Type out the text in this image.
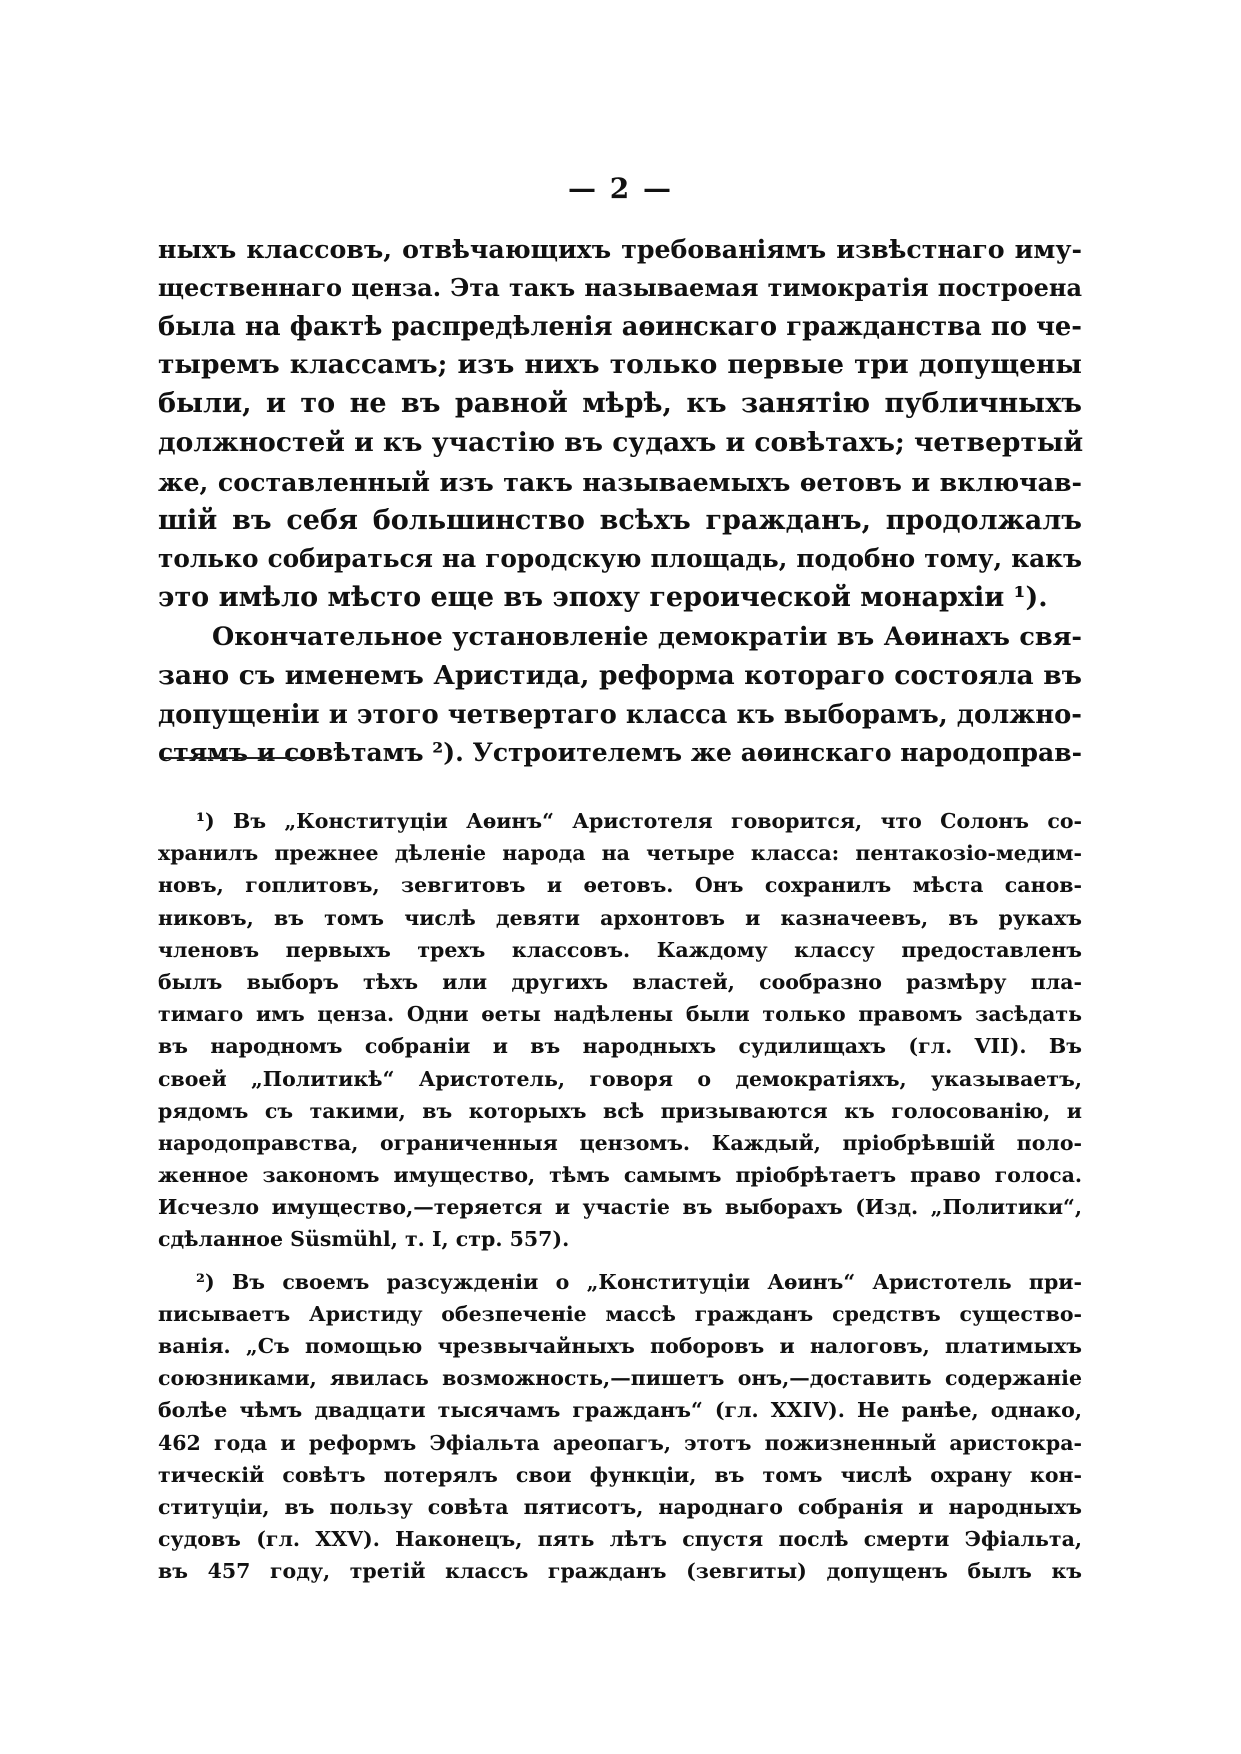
— 2 —
ныхъ классовъ, отвѣчающихъ требованіямъ извѣстнаго иму-
щественнаго ценза. Эта такъ называемая тимократія построена
была на фактѣ распредѣленія аѳинскаго гражданства по че-
тыремъ классамъ; изъ нихъ только первые три допущены
были, и то не въ равной мѣрѣ, къ занятію публичныхъ
должностей и къ участію въ судахъ и совѣтахъ; четвертый
же, составленный изъ такъ называемыхъ ѳетовъ и включав-
шій въ себя большинство всѣхъ гражданъ, продолжалъ
только собираться на городскую площадь, подобно тому, какъ
это имѣло мѣсто еще въ эпоху героической монархіи ¹).
Окончательное установленіе демократіи въ Аѳинахъ свя-
зано съ именемъ Аристида, реформа котораго состояла въ
допущеніи и этого четвертаго класса къ выборамъ, должно-
стямъ и совѣтамъ ²). Устроителемъ же аѳинскаго народоправ-
¹) Въ „Конституціи Аѳинъ“ Аристотеля говорится, что Солонъ со-
хранилъ прежнее дѣленіе народа на четыре класса: пентакозіо-медим-
новъ, гоплитовъ, зевгитовъ и ѳетовъ. Онъ сохранилъ мѣста санов-
никовъ, въ томъ числѣ девяти архонтовъ и казначеевъ, въ рукахъ
членовъ первыхъ трехъ классовъ. Каждому классу предоставленъ
былъ выборъ тѣхъ или другихъ властей, сообразно размѣру пла-
тимаго имъ ценза. Одни ѳеты надѣлены были только правомъ засѣдать
въ народномъ собраніи и въ народныхъ судилищахъ (гл. VII). Въ
своей „Политикѣ“ Аристотель, говоря о демократіяхъ, указываетъ,
рядомъ съ такими, въ которыхъ всѣ призываются къ голосованію, и
народоправства, ограниченныя цензомъ. Каждый, пріобрѣвшій поло-
женное закономъ имущество, тѣмъ самымъ пріобрѣтаетъ право голоса.
Исчезло имущество,—теряется и участіе въ выборахъ (Изд. „Политики“,
сдѣланное Süsmühl, т. I, стр. 557).
²) Въ своемъ разсужденіи о „Конституціи Аѳинъ“ Аристотель при-
писываетъ Аристиду обезпеченіе массѣ гражданъ средствъ существо-
ванія. „Съ помощью чрезвычайныхъ поборовъ и налоговъ, платимыхъ
союзниками, явилась возможность,—пишетъ онъ,—доставить содержаніе
болѣе чѣмъ двадцати тысячамъ гражданъ“ (гл. XXIV). Не ранѣе, однако,
462 года и реформъ Эфіальта ареопагъ, этотъ пожизненный аристокра-
тическій совѣтъ потерялъ свои функціи, въ томъ числѣ охрану кон-
ституціи, въ пользу совѣта пятисотъ, народнаго собранія и народныхъ
судовъ (гл. XXV). Наконецъ, пять лѣтъ спустя послѣ смерти Эфіальта,
въ 457 году, третій классъ гражданъ (зевгиты) допущенъ былъ къ
